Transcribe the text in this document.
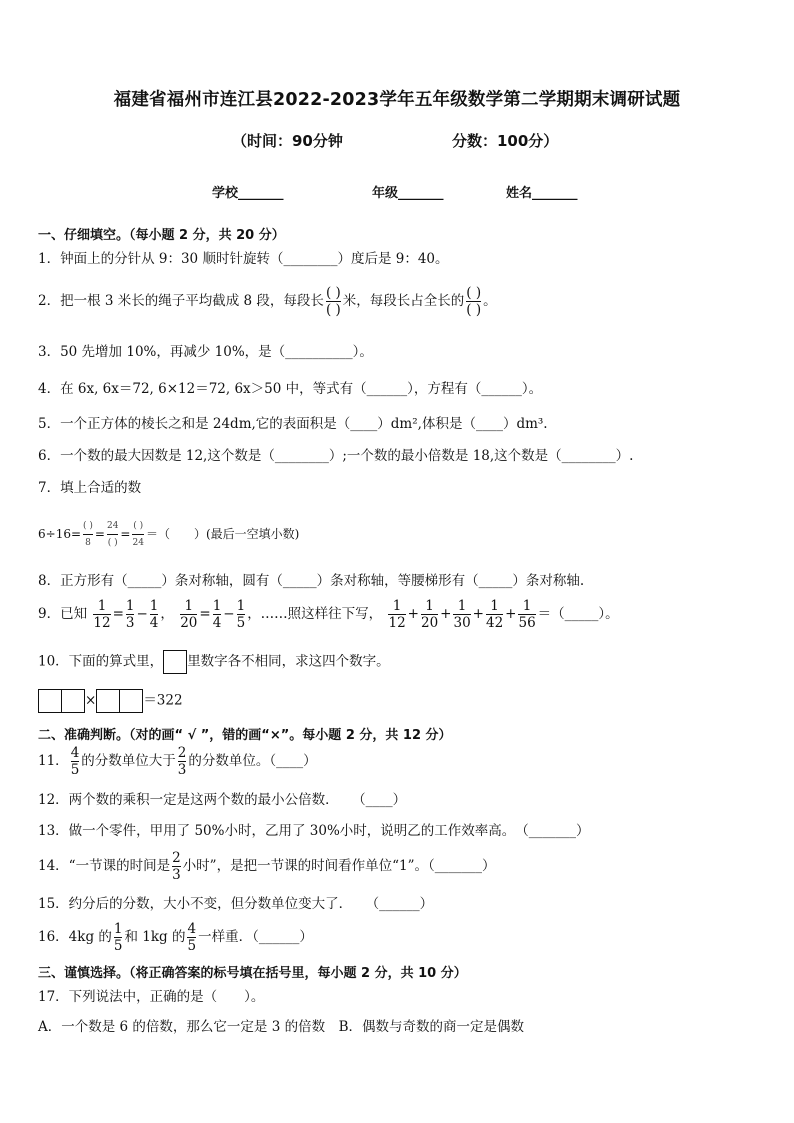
福建省福州市连江县2022-2023学年五年级数学第二学期期末调研试题
（时间：90分钟	分数：100分）
学校_______	年级_______	姓名_______
一、仔细填空。（每小题 2 分，共 20 分）
1．钟面上的分针从 9：30 顺时针旋转（________）度后是 9：40。
2．把一根 3 米长的绳子平均截成 8 段，每段长 $\frac{( )}{( )}$ 米，每段长占全长的 $\frac{( )}{( )}$ 。
3．50 先增加 10%，再减少 10%，是（__________）。
4．在 6x, 6x＝72, 6×12＝72, 6x＞50 中，等式有（______），方程有（______）。
5．一个正方体的棱长之和是 24dm,它的表面积是（____）dm²,体积是（____）dm³.
6．一个数的最大因数是 12,这个数是（________）;一个数的最小倍数是 18,这个数是（________）.
7．填上合适的数
$6\div 16= \frac{( )}{8} = \frac{24}{( )} = \frac{( )}{24}$ ＝（　　）(最后一空填小数)
8．正方形有（_____）条对称轴，圆有（_____）条对称轴，等腰梯形有（_____）条对称轴.
9．已知 $\frac{1}{12} = \frac{1}{3} - \frac{1}{4}$ ， $\frac{1}{20} = \frac{1}{4} - \frac{1}{5}$ ，……照这样往下写， $\frac{1}{12} + \frac{1}{20} + \frac{1}{30} + \frac{1}{42} + \frac{1}{56}$ ＝（_____）。
10．下面的算式里， 里数字各不相同，求这四个数字。
×	＝322
二、准确判断。（对的画“ √ ”，错的画“×”。每小题 2 分，共 12 分）
11． $\frac{4}{5}$ 的分数单位大于 $\frac{2}{3}$ 的分数单位。（____）
12．两个数的乘积一定是这两个数的最小公倍数．　　（____）
13．做一个零件，甲用了 50%小时，乙用了 30%小时，说明乙的工作效率高。　（_______）
14．“一节课的时间是 $\frac{2}{3}$ 小时”，是把一节课的时间看作单位“1”。（_______）
15．约分后的分数，大小不变，但分数单位变大了．　　（______）
16．4kg 的 $\frac{1}{5}$ 和 1kg 的 $\frac{4}{5}$ 一样重．（______）
三、谨慎选择。（将正确答案的标号填在括号里，每小题 2 分，共 10 分）
17．下列说法中，正确的是（　　）。
A．一个数是 6 的倍数，那么它一定是 3 的倍数　B．偶数与奇数的商一定是偶数
